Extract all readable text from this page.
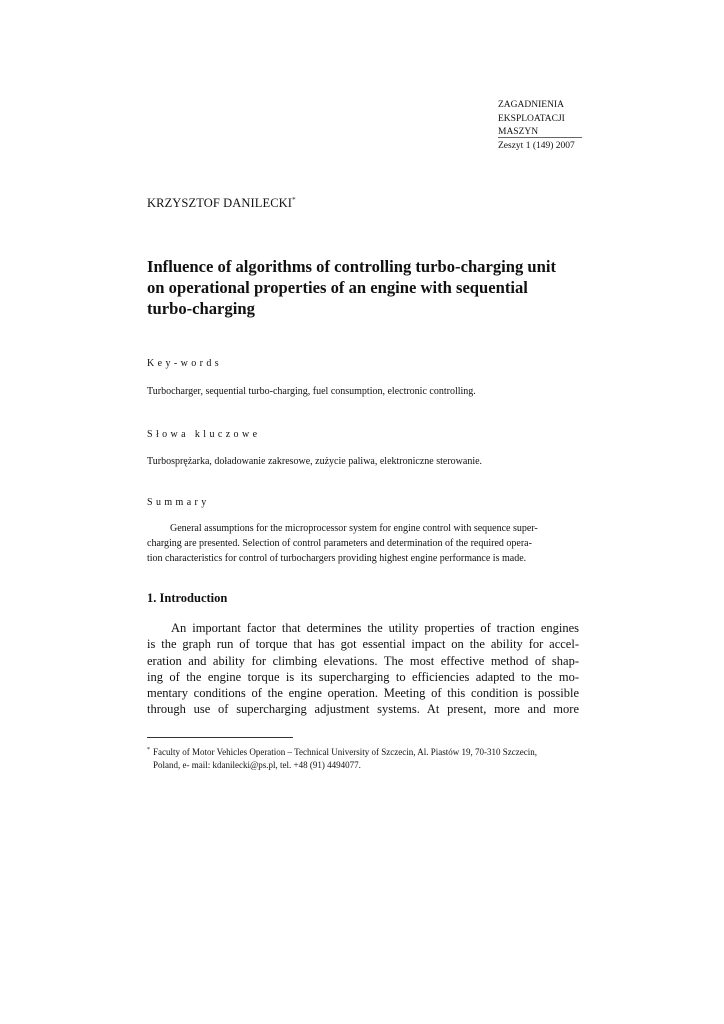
ZAGADNIENIA
EKSPLOATACJI
MASZYN
Zeszyt 1 (149) 2007
KRZYSZTOF DANILECKI*
Influence of algorithms of controlling turbo-charging unit
on operational properties of an engine with sequential
turbo-charging
Key-words
Turbocharger, sequential turbo-charging, fuel consumption, electronic controlling.
Słowa kluczowe
Turbosprężarka, doładowanie zakresowe, zużycie paliwa, elektroniczne sterowanie.
Summary
General assumptions for the microprocessor system for engine control with sequence super-
charging are presented. Selection of control parameters and determination of the required opera-
tion characteristics for control of turbochargers providing highest engine performance is made.
1. Introduction
An important factor that determines the utility properties of traction engines
is the graph run of torque that has got essential impact on the ability for accel-
eration and ability for climbing elevations. The most effective method of shap-
ing of the engine torque is its supercharging to efficiencies adapted to the mo-
mentary conditions of the engine operation. Meeting of this condition is possible
through use of supercharging adjustment systems. At present, more and more
* Faculty of Motor Vehicles Operation – Technical University of Szczecin, Al. Piastów 19, 70-310 Szczecin,
Poland, e- mail: kdanilecki@ps.pl, tel. +48 (91) 4494077.
